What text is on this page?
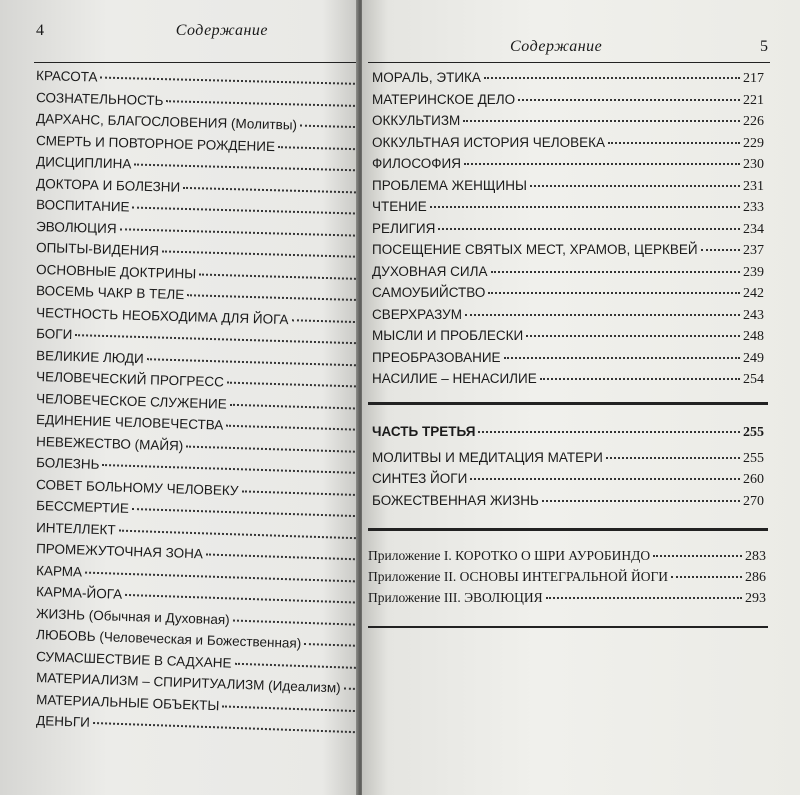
4	Содержание
КРАСОТА
СОЗНАТЕЛЬНОСТЬ
ДАРХАНС, БЛАГОСЛОВЕНИЯ (Молитвы)
СМЕРТЬ И ПОВТОРНОЕ РОЖДЕНИЕ
ДИСЦИПЛИНА
ДОКТОРА И БОЛЕЗНИ
ВОСПИТАНИЕ
ЭВОЛЮЦИЯ
ОПЫТЫ-ВИДЕНИЯ
ОСНОВНЫЕ ДОКТРИНЫ
ВОСЕМЬ ЧАКР В ТЕЛЕ
ЧЕСТНОСТЬ НЕОБХОДИМА ДЛЯ ЙОГА
БОГИ
ВЕЛИКИЕ ЛЮДИ
ЧЕЛОВЕЧЕСКИЙ ПРОГРЕСС
ЧЕЛОВЕЧЕСКОЕ СЛУЖЕНИЕ
ЕДИНЕНИЕ ЧЕЛОВЕЧЕСТВА
НЕВЕЖЕСТВО (МАЙЯ)
БОЛЕЗНЬ
СОВЕТ БОЛЬНОМУ ЧЕЛОВЕКУ
БЕССМЕРТИЕ
ИНТЕЛЛЕКТ
ПРОМЕЖУТОЧНАЯ ЗОНА
КАРМА
КАРМА-ЙОГА
ЖИЗНЬ (Обычная и Духовная)
ЛЮБОВЬ (Человеческая и Божественная)
СУМАСШЕСТВИЕ В САДХАНЕ
МАТЕРИАЛИЗМ – СПИРИТУАЛИЗМ (Идеализм)
МАТЕРИАЛЬНЫЕ ОБЪЕКТЫ
ДЕНЬГИ
Содержание	5
МОРАЛЬ, ЭТИКА	217
МАТЕРИНСКОЕ ДЕЛО	221
ОККУЛЬТИЗМ	226
ОККУЛЬТНАЯ ИСТОРИЯ ЧЕЛОВЕКА	229
ФИЛОСОФИЯ	230
ПРОБЛЕМА ЖЕНЩИНЫ	231
ЧТЕНИЕ	233
РЕЛИГИЯ	234
ПОСЕЩЕНИЕ СВЯТЫХ МЕСТ, ХРАМОВ, ЦЕРКВЕЙ	237
ДУХОВНАЯ СИЛА	239
САМОУБИЙСТВО	242
СВЕРХРАЗУМ	243
МЫСЛИ И ПРОБЛЕСКИ	248
ПРЕОБРАЗОВАНИЕ	249
НАСИЛИЕ – НЕНАСИЛИЕ	254
ЧАСТЬ ТРЕТЬЯ	255
МОЛИТВЫ И МЕДИТАЦИЯ МАТЕРИ	255
СИНТЕЗ ЙОГИ	260
БОЖЕСТВЕННАЯ ЖИЗНЬ	270
Приложение I. КОРОТКО О ШРИ АУРОБИНДО	283
Приложение II. ОСНОВЫ ИНТЕГРАЛЬНОЙ ЙОГИ	286
Приложение III. ЭВОЛЮЦИЯ	293
